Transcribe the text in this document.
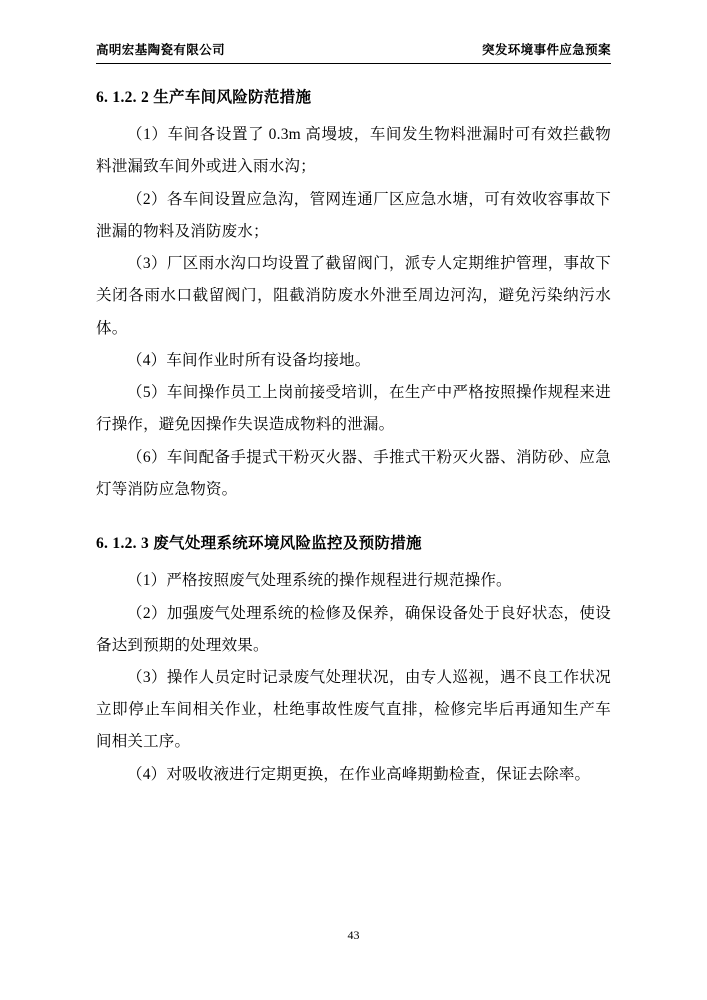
高明宏基陶瓷有限公司	突发环境事件应急预案
6. 1.2. 2 生产车间风险防范措施

（1）车间各设置了 0.3m 高墁坡，车间发生物料泄漏时可有效拦截物料泄漏致车间外或进入雨水沟；

（2）各车间设置应急沟，管网连通厂区应急水塘，可有效收容事故下泄漏的物料及消防废水；

（3）厂区雨水沟口均设置了截留阀门，派专人定期维护管理，事故下关闭各雨水口截留阀门，阻截消防废水外泄至周边河沟，避免污染纳污水体。

（4）车间作业时所有设备均接地。

（5）车间操作员工上岗前接受培训，在生产中严格按照操作规程来进行操作，避免因操作失误造成物料的泄漏。

（6）车间配备手提式干粉灭火器、手推式干粉灭火器、消防砂、应急灯等消防应急物资。

6. 1.2. 3 废气处理系统环境风险监控及预防措施

（1）严格按照废气处理系统的操作规程进行规范操作。

（2）加强废气处理系统的检修及保养，确保设备处于良好状态，使设备达到预期的处理效果。

（3）操作人员定时记录废气处理状况，由专人巡视，遇不良工作状况立即停止车间相关作业，杜绝事故性废气直排，检修完毕后再通知生产车间相关工序。

（4）对吸收液进行定期更换，在作业高峰期勤检查，保证去除率。

43
